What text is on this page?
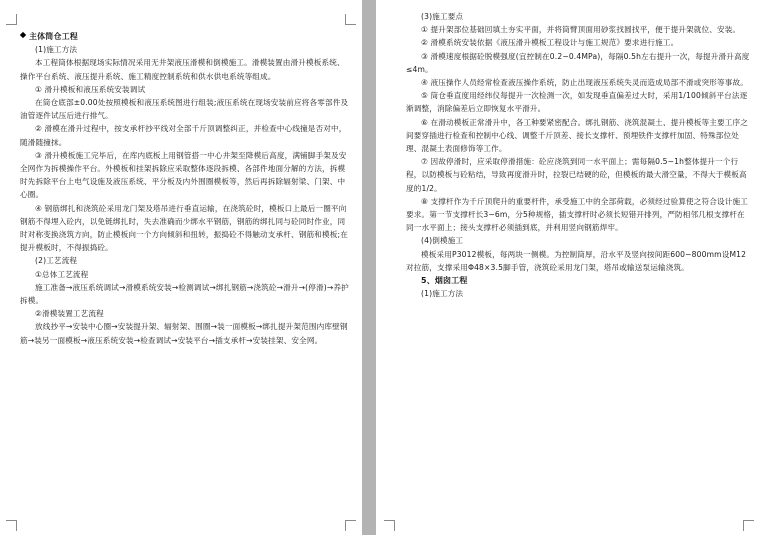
主体筒仓工程

(1)施工方法

本工程筒体根据现场实际情况采用无井架液压滑模和倒模施工。滑模装置由滑升模板系统、操作平台系统、液压提升系统、施工精度控制系统和供水供电系统等组成。

① 滑升模板和液压系统安装调试

在筒仓底部±0.00处按照模板和液压系统图进行组装;液压系统在现场安装前应将各零部件及油管逐件试压后进行排气。

② 滑模在滑升过程中，按支承杆抄平线对全部千斤顶调整纠正，并检查中心线撞是否对中，随滑随撞抹。

③ 滑升模板施工完毕后，在库内底板上用钢管搭一中心井架至降模后高度，满铺脚手架及安全网作为拆模操作平台。外模板和挂架拆除应采取整体逐段拆模、各部件地面分解的方法，拆模时先拆除平台上电气设施及液压系统、平分板及内外围圈模板等，然后再拆除辐射梁、门架、中心圈。

④ 钢筋绑扎和浇筑砼采用龙门架及塔吊进行垂直运输，在浇筑砼时，模板口上最后一圈平向钢筋不得埋入砼内，以免链绑扎时，失去准确而少绑水平钢筋，钢筋的绑扎同与砼同时作业，同时对称变换浇筑方向，防止模板向一个方向倾斜和扭转，振捣砼不得触动支承杆、钢筋和模板;在提升模板时，不得振捣砼。

(2)工艺流程

①总体工艺流程

施工准备→液压系统调试→滑模系统安装→检测调试→绑扎钢筋→浇筑砼→滑升→(停滑)→养护拆模。

②滑模装置工艺流程

放线抄平→安装中心圈→安装提升架、辐射架、围圈→装一面模板→绑扎提升架范围内库壁钢筋→装另一面模板→液压系统安装→检查调试→安装平台→插支承杆→安装挂架、安全网。

(3)施工要点

① 提升架部位基础回填土夯实平面，并将筒臂顶面用砂浆找圆找平，便于提升架就位、安装。

② 滑模系统安装依据《液压滑升模板工程设计与施工规范》要求进行施工。

③ 滑模速度根据砼脱模强度(宜控制在0.2~0.4MPa)，每隔0.5h左右提升一次，每提升滑升高度≤4m。

④ 液压操作人员经常检查液压操作系统，防止出现液压系统失灵而造成局部不滑或突形等事故。

⑤ 筒仓垂直度用经纬仪每提升一次检测一次，如发现垂直偏差过大时，采用1/100倾斜平台法逐渐调整，消除偏差后立即恢复水平滑升。

⑥ 在滑动模板正常滑升中，各工种要紧密配合。绑扎钢筋、浇筑混凝土、提升模板等主要工序之间要穿插进行检查和控制中心线、调整千斤顶差、接长支撑杆、预埋铁件支撑杆加固、特殊部位处理、混凝土表面修饰等工作。

⑦ 因故停滑时，应采取停滑措施：砼应浇筑到同一水平面上；需每隔0.5~1h整体提升一个行程，以防模板与砼粘结，导致再度滑升时，拉裂已结硬的砼，但模板的最大滑空量，不得大于模板高度的1/2。

⑧ 支撑杆作为千斤顶爬升的重要杆件，承受施工中的全部荷载，必须经过验算使之符合设计施工要求。第一节支撑杆长3~6m，分5种规格，插支撑杆时必须长短错开排列，严防相邻几根支撑杆在同一水平面上；接头支撑杆必须插到底，并利用竖向钢筋焊牢。

(4)倒模施工

模板采用P3012模板，每两块一侧模。为控制筒厚，沿水平及竖向按间距600~800mm设M12对拉筋，支撑采用Φ48×3.5脚手管，浇筑砼采用龙门架，塔吊或输送泵运输浇筑。

5、烟囱工程

(1)施工方法
